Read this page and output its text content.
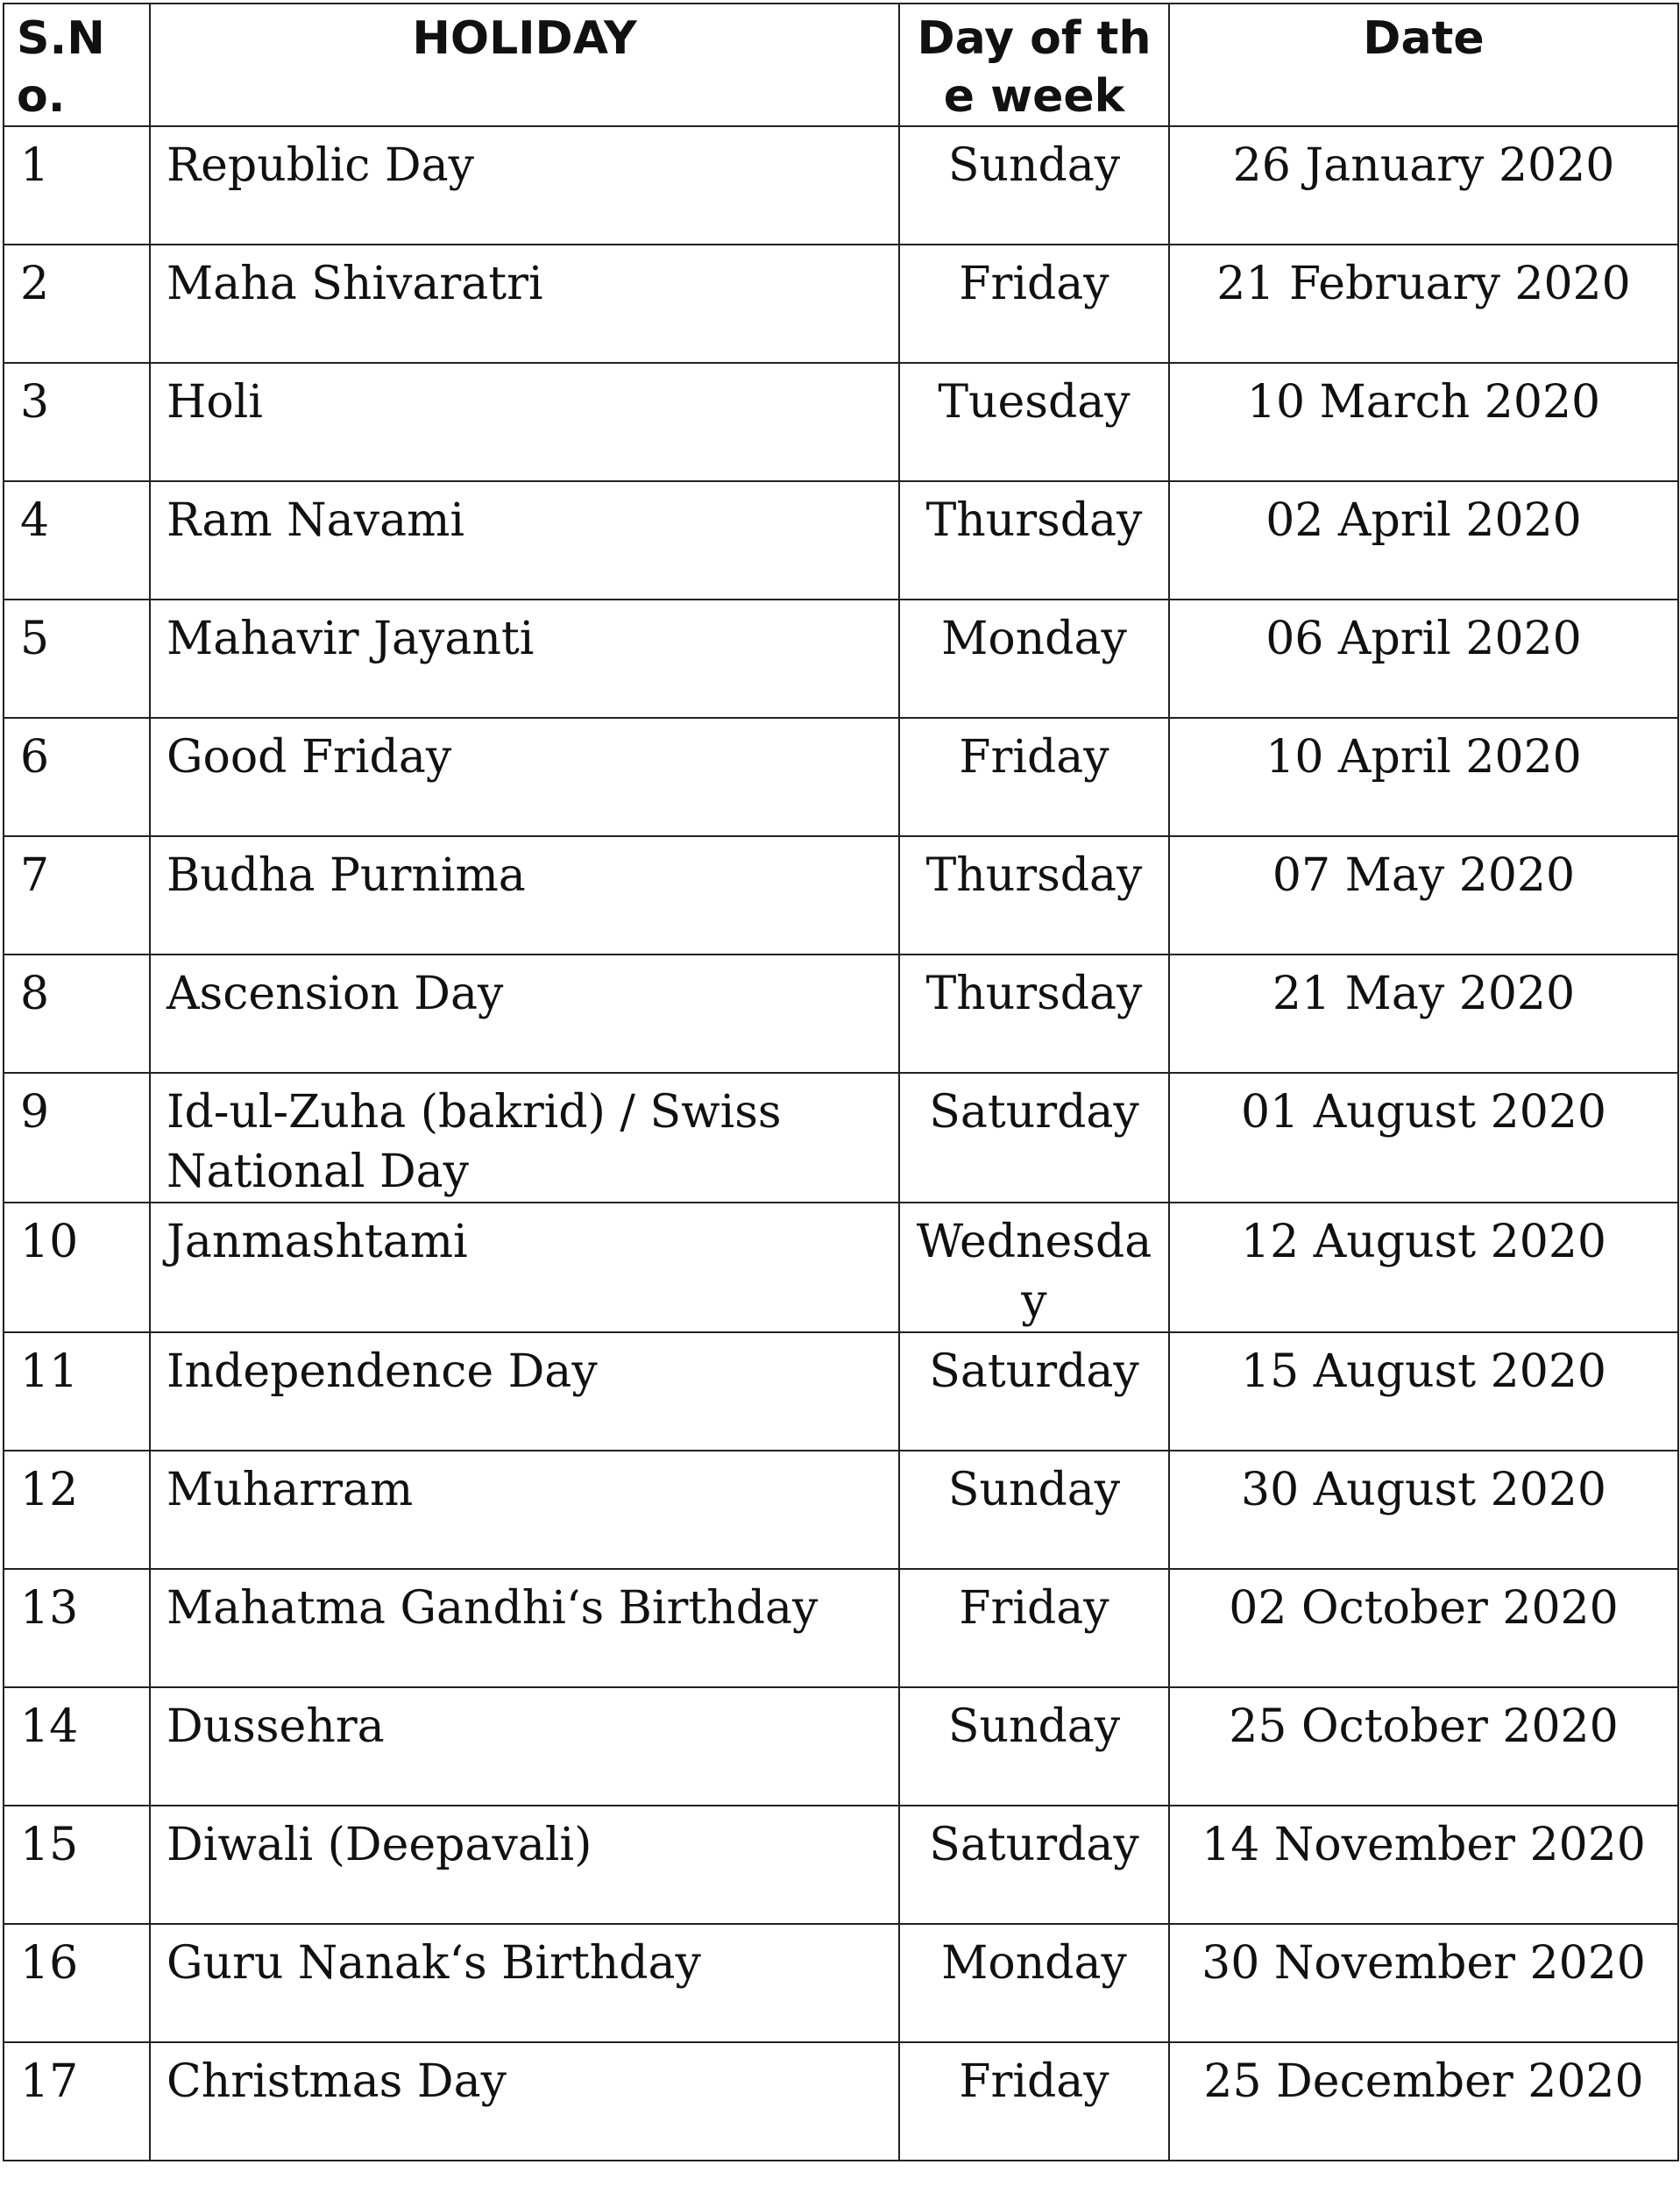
S.No.	HOLIDAY	Day of the week	Date
1	Republic Day	Sunday	26 January 2020
2	Maha Shivaratri	Friday	21 February 2020
3	Holi	Tuesday	10 March 2020
4	Ram Navami	Thursday	02 April 2020
5	Mahavir Jayanti	Monday	06 April 2020
6	Good Friday	Friday	10 April 2020
7	Budha Purnima	Thursday	07 May 2020
8	Ascension Day	Thursday	21 May 2020
9	Id-ul-Zuha (bakrid) / Swiss National Day	Saturday	01 August 2020
10	Janmashtami	Wednesday	12 August 2020
11	Independence Day	Saturday	15 August 2020
12	Muharram	Sunday	30 August 2020
13	Mahatma Gandhi‘s Birthday	Friday	02 October 2020
14	Dussehra	Sunday	25 October 2020
15	Diwali (Deepavali)	Saturday	14 November 2020
16	Guru Nanak‘s Birthday	Monday	30 November 2020
17	Christmas Day	Friday	25 December 2020
